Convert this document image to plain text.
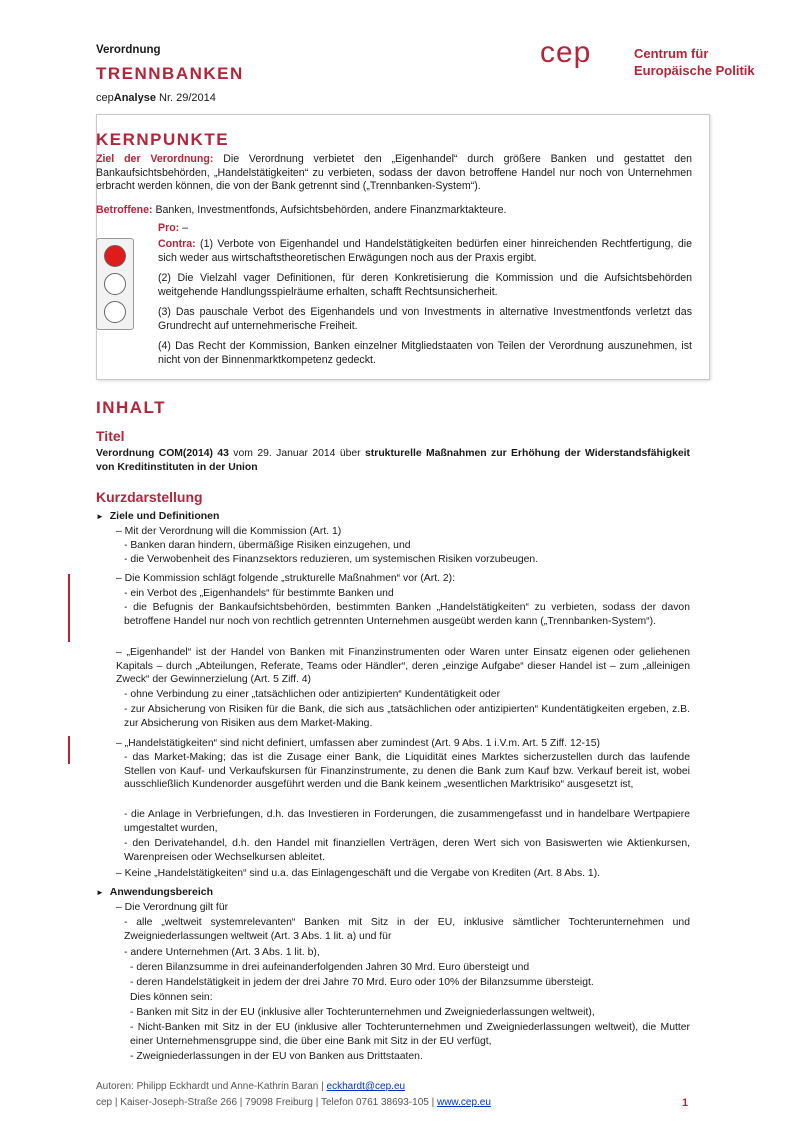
Verordnung
TRENNBANKEN
cepAnalyse Nr. 29/2014
cep	Centrum für
Europäische Politik
KERNPUNKTE
Ziel der Verordnung: Die Verordnung verbietet den „Eigenhandel“ durch größere Banken und gestattet den Bankaufsichtsbehörden, „Handelstätigkeiten“ zu verbieten, sodass der davon betroffene Handel nur noch von Unternehmen erbracht werden können, die von der Bank getrennt sind („Trennbanken-System“).
Betroffene: Banken, Investmentfonds, Aufsichtsbehörden, andere Finanzmarktakteure.
Pro: –
Contra: (1) Verbote von Eigenhandel und Handelstätigkeiten bedürfen einer hinreichenden Rechtfertigung, die sich weder aus wirtschaftstheoretischen Erwägungen noch aus der Praxis ergibt.
(2) Die Vielzahl vager Definitionen, für deren Konkretisierung die Kommission und die Aufsichtsbehörden weitgehende Handlungsspielräume erhalten, schafft Rechtsunsicherheit.
(3) Das pauschale Verbot des Eigenhandels und von Investments in alternative Investmentfonds verletzt das Grundrecht auf unternehmerische Freiheit.
(4) Das Recht der Kommission, Banken einzelner Mitgliedstaaten von Teilen der Verordnung auszunehmen, ist nicht von der Binnenmarktkompetenz gedeckt.
INHALT
Titel
Verordnung COM(2014) 43 vom 29. Januar 2014 über strukturelle Maßnahmen zur Erhöhung der Widerstandsfähigkeit von Kreditinstituten in der Union
Kurzdarstellung
► Ziele und Definitionen
– Mit der Verordnung will die Kommission (Art. 1)
- Banken daran hindern, übermäßige Risiken einzugehen, und
- die Verwobenheit des Finanzsektors reduzieren, um systemischen Risiken vorzubeugen.
– Die Kommission schlägt folgende „strukturelle Maßnahmen“ vor (Art. 2):
- ein Verbot des „Eigenhandels“ für bestimmte Banken und
- die Befugnis der Bankaufsichtsbehörden, bestimmten Banken „Handelstätigkeiten“ zu verbieten, sodass der davon betroffene Handel nur noch von rechtlich getrennten Unternehmen ausgeübt werden kann („Trennbanken-System“).
– „Eigenhandel“ ist der Handel von Banken mit Finanzinstrumenten oder Waren unter Einsatz eigenen oder geliehenen Kapitals – durch „Abteilungen, Referate, Teams oder Händler“, deren „einzige Aufgabe“ dieser Handel ist – zum „alleinigen Zweck“ der Gewinnerzielung (Art. 5 Ziff. 4)
- ohne Verbindung zu einer „tatsächlichen oder antizipierten“ Kundentätigkeit oder
- zur Absicherung von Risiken für die Bank, die sich aus „tatsächlichen oder antizipierten“ Kundentätigkeiten ergeben, z.B. zur Absicherung von Risiken aus dem Market-Making.
– „Handelstätigkeiten“ sind nicht definiert, umfassen aber zumindest (Art. 9 Abs. 1 i.V.m. Art. 5 Ziff. 12-15)
- das Market-Making; das ist die Zusage einer Bank, die Liquidität eines Marktes sicherzustellen durch das laufende Stellen von Kauf- und Verkaufskursen für Finanzinstrumente, zu denen die Bank zum Kauf bzw. Verkauf bereit ist, wobei ausschließlich Kundenorder ausgeführt werden und die Bank keinem „wesentlichen Marktrisiko“ ausgesetzt ist,
- die Anlage in Verbriefungen, d.h. das Investieren in Forderungen, die zusammengefasst und in handelbare Wertpapiere umgestaltet wurden,
- den Derivatehandel, d.h. den Handel mit finanziellen Verträgen, deren Wert sich von Basiswerten wie Aktienkursen, Warenpreisen oder Wechselkursen ableitet.
– Keine „Handelstätigkeiten“ sind u.a. das Einlagengeschäft und die Vergabe von Krediten (Art. 8 Abs. 1).
► Anwendungsbereich
– Die Verordnung gilt für
- alle „weltweit systemrelevanten“ Banken mit Sitz in der EU, inklusive sämtlicher Tochterunternehmen und Zweigniederlassungen weltweit (Art. 3 Abs. 1 lit. a) und für
- andere Unternehmen (Art. 3 Abs. 1 lit. b),
- deren Bilanzsumme in drei aufeinanderfolgenden Jahren 30 Mrd. Euro übersteigt und
- deren Handelstätigkeit in jedem der drei Jahre 70 Mrd. Euro oder 10% der Bilanzsumme übersteigt.
Dies können sein:
- Banken mit Sitz in der EU (inklusive aller Tochterunternehmen und Zweigniederlassungen weltweit),
- Nicht-Banken mit Sitz in der EU (inklusive aller Tochterunternehmen und Zweigniederlassungen weltweit), die Mutter einer Unternehmensgruppe sind, die über eine Bank mit Sitz in der EU verfügt,
- Zweigniederlassungen in der EU von Banken aus Drittstaaten.
Autoren: Philipp Eckhardt und Anne-Kathrin Baran | eckhardt@cep.eu
cep | Kaiser-Joseph-Straße 266 | 79098 Freiburg | Telefon 0761 38693-105 | www.cep.eu	1
